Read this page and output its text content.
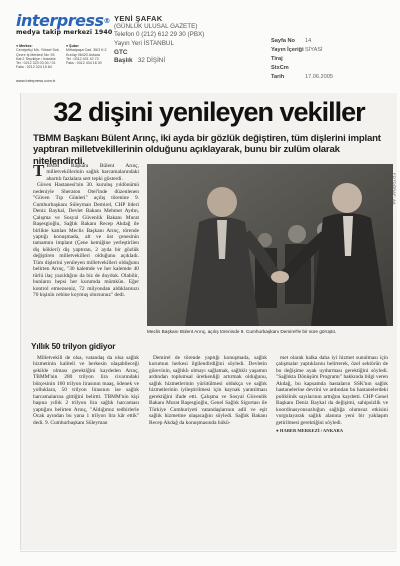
interpress®
medya takip merkezi 1940
● Merkez:
Cemiyetİçi Mh. Yüksel Sok.
Çevre İş Merkezi No: 93
Kat:2 Teşvikiye / İstanbul
Tel : 0212 323 03 00 / 01
Faks : 0212 324 15 84
● Şube:
Mithatpaşa Cad. 35/3 K:2
Kızılay 06420 Ankara
Tel : 0312 431 42 73
Faks : 0312 434 16 00
www.interpress.com.tr
YENİ ŞAFAK
(GÜNLÜK ULUSAL GAZETE)
Telefon 0 (212) 612 29 30 (PBX)
Yayın Yeri İSTANBUL
GTC
Başlık 32 DİŞİNİ
Sayfa No	14
Yayın İçeriği SİYASİ
Tiraj
StxCm
Tarih	17.06.2005
32 dişini yenileyen vekiller
TBMM Başkanı Bülent Arınç, iki ayda bir gözlük değiştiren, tüm dişlerini implant yaptıran milletvekillerinin olduğunu açıklayarak, bunu bir zulüm olarak nitelendirdi.

TBMM Başkanı Bülent Arınç, milletvekillerinin sağlık harcamalarındaki abartılı fazlalara sert tepki gösterdi.

Güven Hastanesi'nin 30. kuruluş yıldönümü nedeniyle Sheraton Otel'inde düzenlenen "Güven Tıp Günleri" açılış törenine 9. Cumhurbaşkanı Süleyman Demirel, CHP lideri Deniz Baykal, Devlet Bakanı Mehmet Aydın, Çalışma ve Sosyal Güvenlik Bakanı Murat Başesgioğlu, Sağlık Bakanı Recep Akdağ ile birlikte katılan Meclis Başkanı Arınç, törende yaptığı konuşmada, alt ve üst çenesinin tamamını implant (Çene kemiğine yerleştirilen diş kökleri) diş yaptıran, 2 ayda bir gözlük değiştiren milletvekilleri olduğunu açıkladı. Tüm dişlerini yenileyen milletvekilleri olduğunu belirten Arınç, "30 kalemde ve her kalemde 40 türlü ilaç yazıldığını da biz de duyduk. Olabilir, bunların hepsi her kurumda mümkün. Eğer kontrol etmezseniz, 72 milyondan aldıklarınızı 70 kişinin cebine koymuş olursunuz" dedi.

FOTOĞRAF: AA
Meclis Başkanı Bülent Arınç, açılış töreninde 9. Cumhurbaşkanı Demirel'le bir süre görüştü.
Yıllık 50 trilyon gidiyor

Milletvekili de olsa, vatandaş da olsa sağlık hizmetinin kaliteli ve herkesin ulaşabileceği şekilde olması gerektiğini kaydeden Arınç, TBMM'nin 280 trilyon lira civarındaki bütçesinin 160 trilyon lirasının maaş, ödenek ve yolluklara, 50 trilyon lirasının ise sağlık harcamalarına gittiğini belirtti. TBMM'nin kişi başına yıllık 2 trilyon lira sağlık harcaması yaptığını belirten Arınç, "Aldığımız tedbirlerle Ocak ayından bu yana 1 trilyon lira kâr ettik" dedi. 9. Cumhurbaşkanı Süleyman

Demirel de törende yaptığı konuşmada, sağlık kurumun herkesi ilgilendirdiğini söyledi. Devletin görevinin, sağlıklı olmayı sağlamak, sağlıklı yaşamın ardından toplumsal üretkenliği artırmak olduğunu, sağlık hizmetlerinin yürütülmesi oldukça ve sağlık hizmetlerinin iyileştirilmesi için kaynak yaratılması gerektiğini ifade etti. Çalışma ve Sosyal Güvenlik Bakanı Murat Başesgioğlu, Genel Sağlık Sigortası ile Türkiye Cumhuriyeti vatandaşlarının adil ve eşit sağlık hizmetine ulaşacağını söyledi. Sağlık Bakanı Recep Akdağ da konuşmasında hükü-

met olarak halka daha iyi hizmet sunulması için çalışmalar yaptıklarını belirterek, özel sektörün de bu değişime ayak uydurması gerektiğini söyledi. "Sağlıkta Dönüşüm Programı" hakkında bilgi veren Akdağ, bu kapsamda hastaların SSK'nın sağlık hastanelerine devrini ve ardından bu hastanelerdeki poliklinik sayılarının arttığını kaydetti. CHP Genel Başkanı Deniz Baykal da değişimi, sahipsizlik ve koordinasyonsuzluğun sağlığa olumsuz etkisini vurgulayarak sağlık alanına yeni bir yaklaşım getirilmesi gerektiğini söyledi.

● HABER MERKEZİ / ANKARA
